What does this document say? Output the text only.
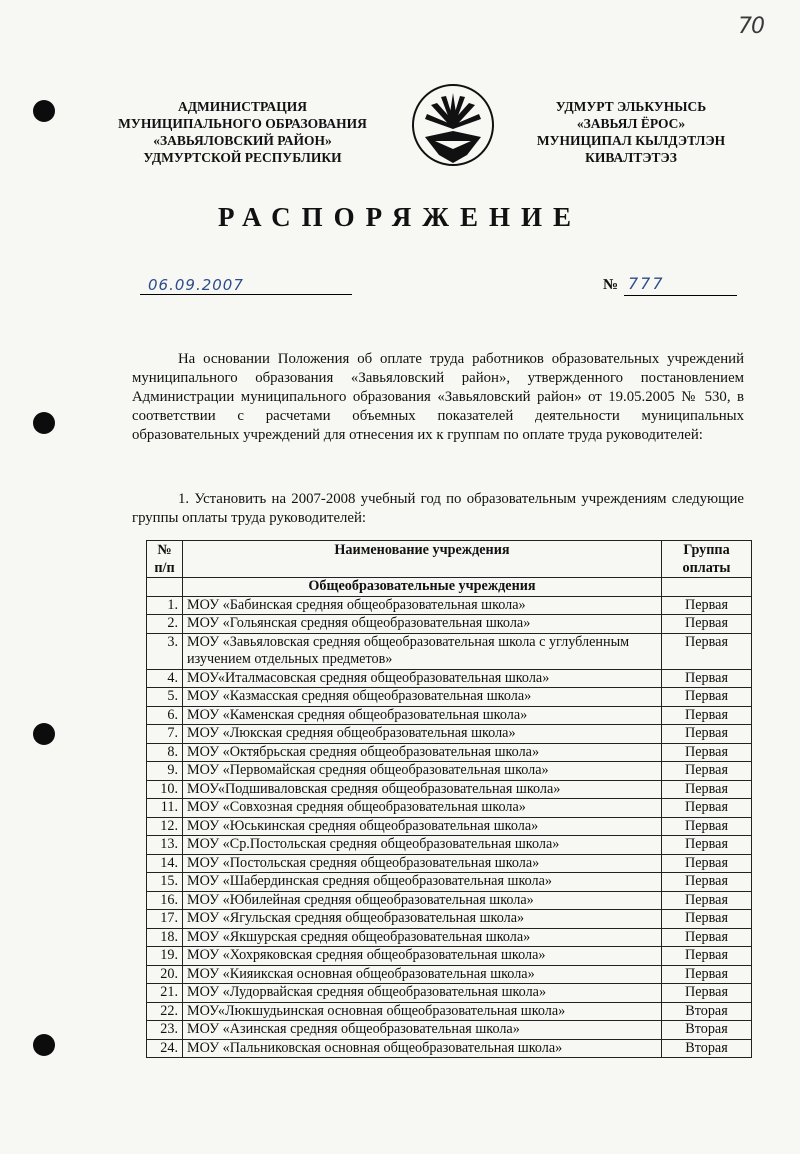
70
АДМИНИСТРАЦИЯ
МУНИЦИПАЛЬНОГО ОБРАЗОВАНИЯ
«ЗАВЬЯЛОВСКИЙ РАЙОН»
УДМУРТСКОЙ РЕСПУБЛИКИ
УДМУРТ ЭЛЬКУНЫСЬ
«ЗАВЬЯЛ ЁРОС»
МУНИЦИПАЛ КЫЛДЭТЛЭН
КИВАЛТЭТЭЗ
РАСПОРЯЖЕНИЕ
06.09.2007	№ 777

На основании Положения об оплате труда работников образовательных учреждений муниципального образования «Завьяловский район», утвержденного постановлением Администрации муниципального образования «Завьяловский район» от 19.05.2005 № 530, в соответствии с расчетами объемных показателей деятельности муниципальных образовательных учреждений для отнесения их к группам по оплате труда руководителей:

1. Установить на 2007-2008 учебный год по образовательным учреждениям следующие группы оплаты труда руководителей:

№ п/п	Наименование учреждения	Группа оплаты
	Общеобразовательные учреждения	
1.	МОУ «Бабинская средняя общеобразовательная школа»	Первая
2.	МОУ «Гольянская средняя общеобразовательная школа»	Первая
3.	МОУ «Завьяловская средняя общеобразовательная школа с углубленным изучением отдельных предметов»	Первая
4.	МОУ«Италмасовская средняя общеобразовательная школа»	Первая
5.	МОУ «Казмасская средняя общеобразовательная школа»	Первая
6.	МОУ «Каменская средняя общеобразовательная школа»	Первая
7.	МОУ «Люкская средняя общеобразовательная школа»	Первая
8.	МОУ «Октябрьская средняя общеобразовательная школа»	Первая
9.	МОУ «Первомайская средняя общеобразовательная школа»	Первая
10.	МОУ«Подшиваловская средняя общеобразовательная школа»	Первая
11.	МОУ «Совхозная средняя общеобразовательная школа»	Первая
12.	МОУ «Юськинская средняя общеобразовательная школа»	Первая
13.	МОУ «Ср.Постольская средняя общеобразовательная школа»	Первая
14.	МОУ «Постольская средняя общеобразовательная школа»	Первая
15.	МОУ «Шабердинская средняя общеобразовательная школа»	Первая
16.	МОУ «Юбилейная средняя общеобразовательная школа»	Первая
17.	МОУ «Ягульская средняя общеобразовательная школа»	Первая
18.	МОУ «Якшурская средняя общеобразовательная школа»	Первая
19.	МОУ «Хохряковская средняя общеобразовательная школа»	Первая
20.	МОУ «Кияикская основная общеобразовательная школа»	Первая
21.	МОУ «Лудорвайская средняя общеобразовательная школа»	Первая
22.	МОУ«Люкшудьинская основная общеобразовательная школа»	Вторая
23.	МОУ «Азинская средняя общеобразовательная школа»	Вторая
24.	МОУ «Пальниковская основная общеобразовательная школа»	Вторая
